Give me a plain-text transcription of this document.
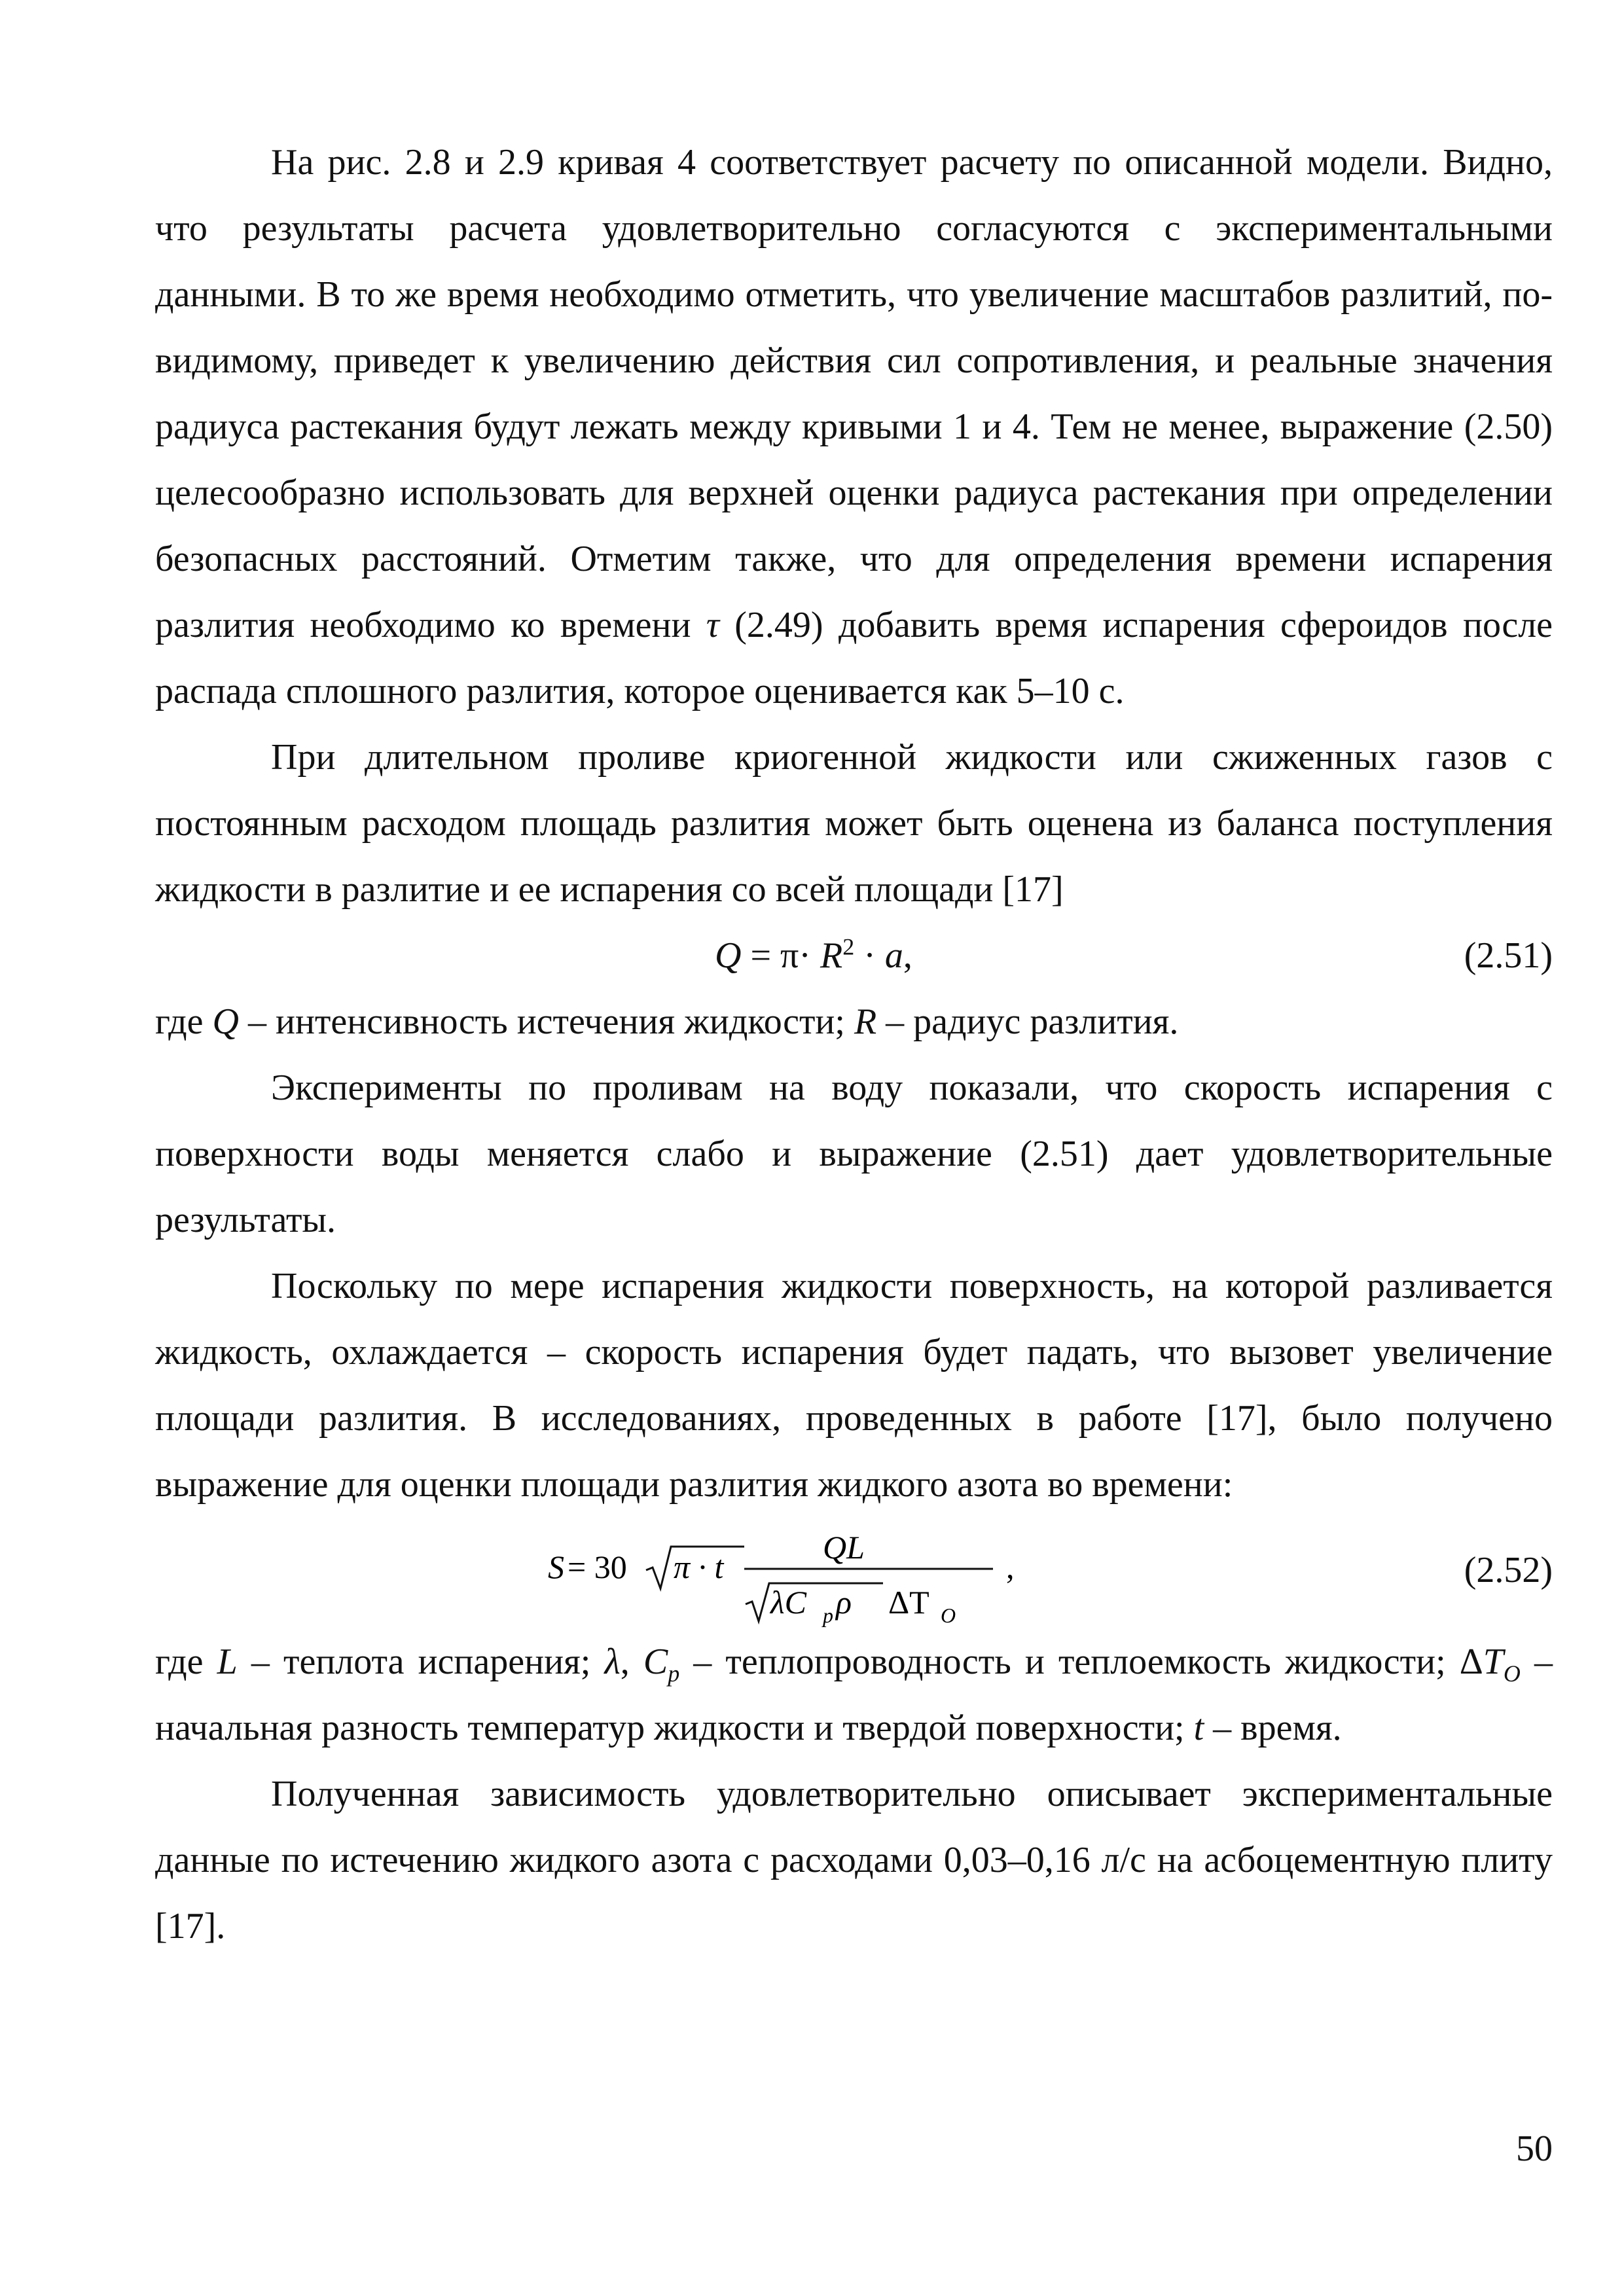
На рис. 2.8 и 2.9 кривая 4 соответствует расчету по описанной модели. Видно, что результаты расчета удовлетворительно согласуются с экспериментальными данными. В то же время необходимо отметить, что увеличение масштабов разлитий, по-видимому, приведет к увеличению действия сил сопротивления, и реальные значения радиуса растекания будут лежать между кривыми 1 и 4. Тем не менее, выражение (2.50) целесообразно использовать для верхней оценки радиуса растекания при определении безопасных расстояний. Отметим также, что для определения времени испарения разлития необходимо ко времени τ (2.49) добавить время испарения сфероидов после распада сплошного разлития, которое оценивается как 5–10 с.

При длительном проливе криогенной жидкости или сжиженных газов с постоянным расходом площадь разлития может быть оценена из баланса поступления жидкости в разлитие и ее испарения со всей площади [17]

$Q = \pi\cdot R^2 \cdot a$,	(2.51)

где Q – интенсивность истечения жидкости; R – радиус разлития.

Эксперименты по проливам на воду показали, что скорость испарения с поверхности воды меняется слабо и выражение (2.51) дает удовлетворительные результаты.

Поскольку по мере испарения жидкости поверхность, на которой разливается жидкость, охлаждается – скорость испарения будет падать, что вызовет увеличение площади разлития. В исследованиях, проведенных в работе [17], было получено выражение для оценки площади разлития жидкого азота во времени:

S = 30 π · t
QL
λC p ρ ΔT O
,	(2.52)

где L – теплота испарения; λ, $C_p$ – теплопроводность и теплоемкость жидкости; $\Delta T_O$ – начальная разность температур жидкости и твердой поверхности; t – время.

Полученная зависимость удовлетворительно описывает экспериментальные данные по истечению жидкого азота с расходами 0,03–0,16 л/с на асбоцементную плиту [17].

50
